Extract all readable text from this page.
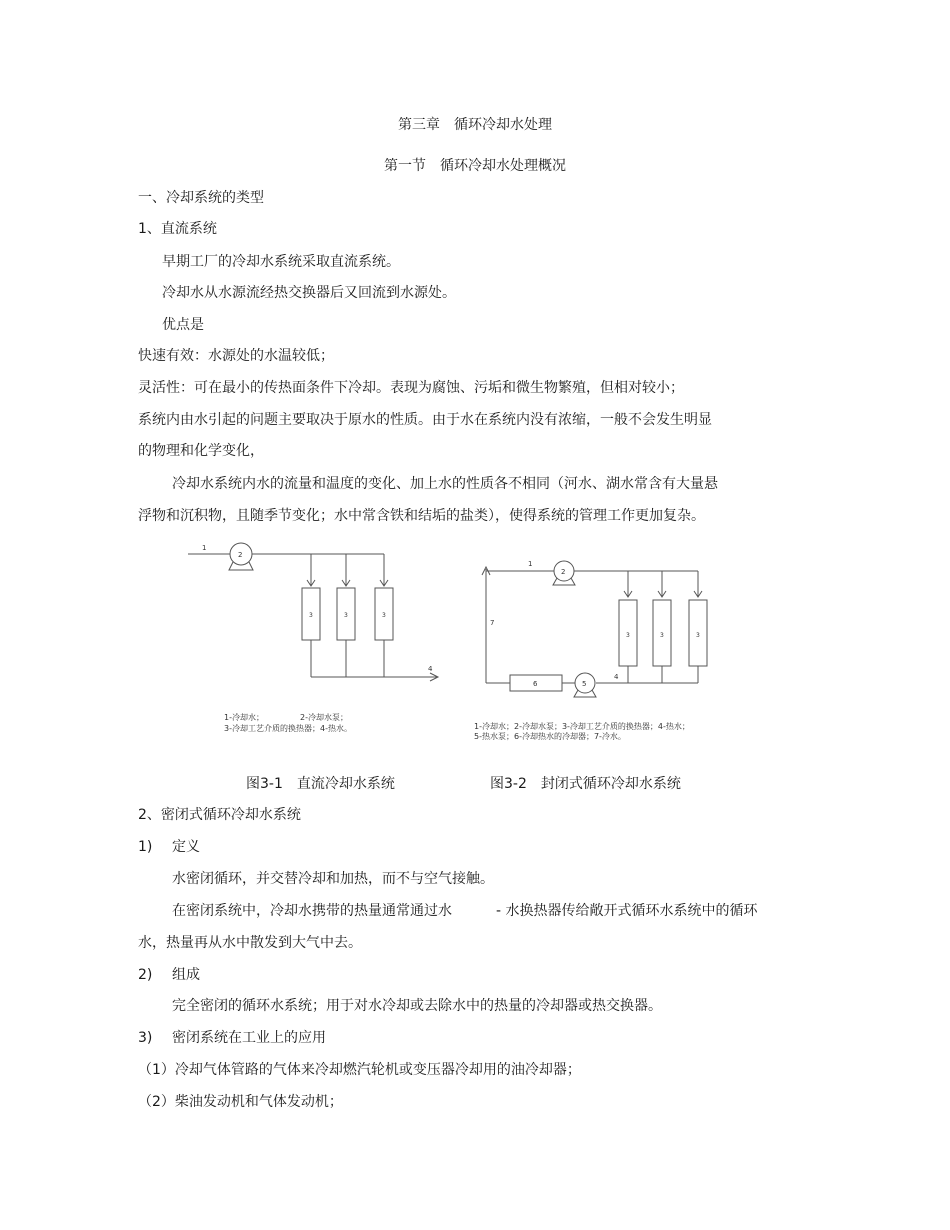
第三章　循环冷却水处理
第一节　循环冷却水处理概况
一、冷却系统的类型
1、直流系统
早期工厂的冷却水系统采取直流系统。
冷却水从水源流经热交换器后又回流到水源处。
优点是
快速有效：水源处的水温较低；
灵活性：可在最小的传热面条件下冷却。表现为腐蚀、污垢和微生物繁殖，但相对较小；
系统内由水引起的问题主要取决于原水的性质。由于水在系统内没有浓缩，一般不会发生明显
的物理和化学变化，
冷却水系统内水的流量和温度的变化、加上水的性质各不相同（河水、湖水常含有大量悬
浮物和沉积物，且随季节变化；水中常含铁和结垢的盐类），使得系统的管理工作更加复杂。
1
2
3	3	3
4
1-冷却水；　　　　　2-冷却水泵；
3-冷却工艺介质的换热器；4-热水。
1
2
3	3	3
4
5
6
7
1-冷却水；2-冷却水泵；3-冷却工艺介质的换热器；4-热水；
5-热水泵；6-冷却热水的冷却器；7-冷水。
图3-1　直流冷却水系统	图3-2　封闭式循环冷却水系统
2、密闭式循环冷却水系统
1) 定义
水密闭循环，并交替冷却和加热，而不与空气接触。
在密闭系统中，冷却水携带的热量通常通过水	- 水换热器传给敞开式循环水系统中的循环
水，热量再从水中散发到大气中去。
2) 组成
完全密闭的循环水系统；用于对水冷却或去除水中的热量的冷却器或热交换器。
3) 密闭系统在工业上的应用
（1）冷却气体管路的气体来冷却燃汽轮机或变压器冷却用的油冷却器；
（2）柴油发动机和气体发动机；
